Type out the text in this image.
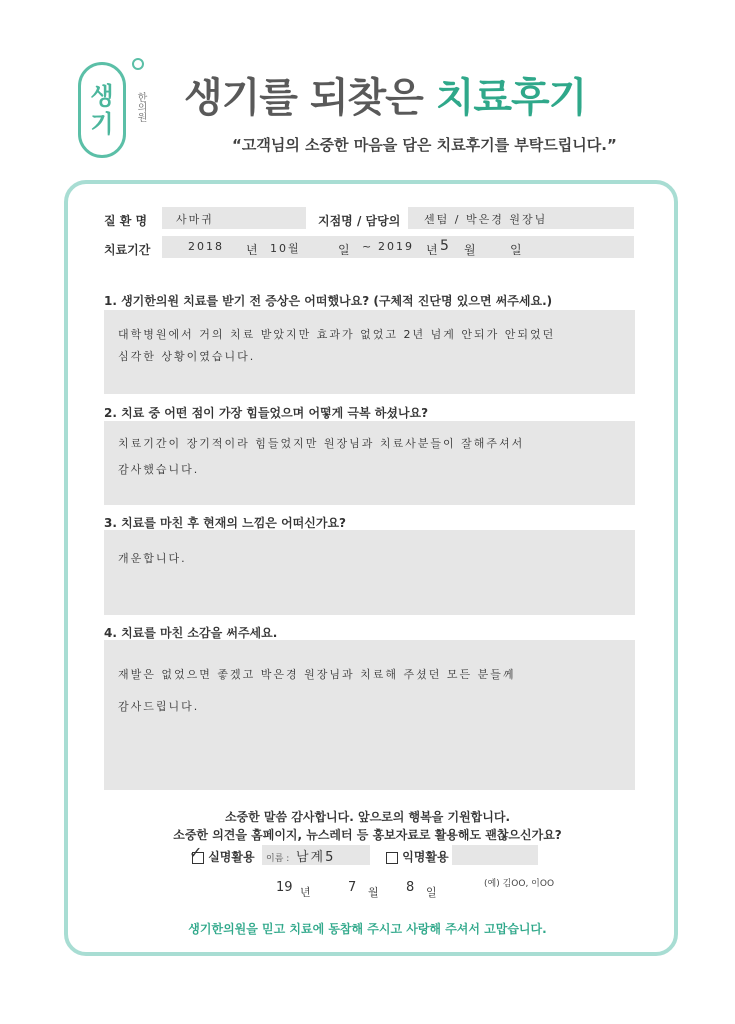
생
기
한의원 생기를 되찾은 치료후기
“고객님의 소중한 마음을 담은 치료후기를 부탁드립니다.”
질 환 명	사마귀	지점명 / 담당의 센텀 / 박은경 원장님
치료기간	2018 년 10월	일 ~ 2019 년 5 월	일
1. 생기한의원 치료를 받기 전 증상은 어떠했나요? (구체적 진단명 있으면 써주세요.)
대학병원에서 거의 치료 받았지만 효과가 없었고 2년 넘게 안되가 안되었던
심각한 상황이였습니다.
2. 치료 중 어떤 점이 가장 힘들었으며 어떻게 극복 하셨나요?
치료기간이 장기적이라 힘들었지만 원장님과 치료사분들이 잘해주셔서
감사했습니다.
3. 치료를 마친 후 현재의 느낌은 어떠신가요?
개운합니다.
4. 치료를 마친 소감을 써주세요.
재발은 없었으면 좋겠고 박은경 원장님과 치료해 주셨던 모든 분들께
감사드립니다.
소중한 말씀 감사합니다. 앞으로의 행복을 기원합니다.
소중한 의견을 홈페이지, 뉴스레터 등 홍보자료로 활용해도 괜찮으신가요?
✓ 실명활용 이름 : 남계5	익명활용
(예) 김OO, 이OO
19 년	7 월 8 일
생기한의원을 믿고 치료에 동참해 주시고 사랑해 주셔서 고맙습니다.
